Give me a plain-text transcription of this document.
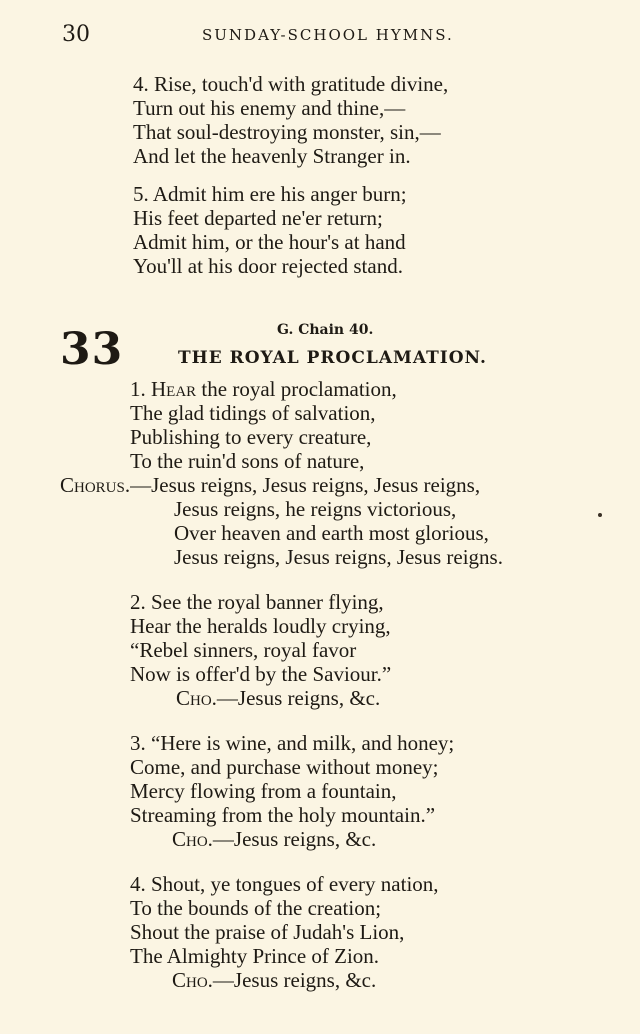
30	SUNDAY-SCHOOL HYMNS.
4. Rise, touch'd with gratitude divine,
Turn out his enemy and thine,—
That soul-destroying monster, sin,—
And let the heavenly Stranger in.
5. Admit him ere his anger burn;
His feet departed ne'er return;
Admit him, or the hour's at hand
You'll at his door rejected stand.
33	G. Chain 40.
THE ROYAL PROCLAMATION.
1. Hear the royal proclamation,
The glad tidings of salvation,
Publishing to every creature,
To the ruin'd sons of nature,
Chorus.—Jesus reigns, Jesus reigns, Jesus reigns,
Jesus reigns, he reigns victorious,
Over heaven and earth most glorious,
Jesus reigns, Jesus reigns, Jesus reigns.
2. See the royal banner flying,
Hear the heralds loudly crying,
“Rebel sinners, royal favor
Now is offer'd by the Saviour.”
Cho.—Jesus reigns, &c.
3. “Here is wine, and milk, and honey;
Come, and purchase without money;
Mercy flowing from a fountain,
Streaming from the holy mountain.”
Cho.—Jesus reigns, &c.
4. Shout, ye tongues of every nation,
To the bounds of the creation;
Shout the praise of Judah's Lion,
The Almighty Prince of Zion.
Cho.—Jesus reigns, &c.
